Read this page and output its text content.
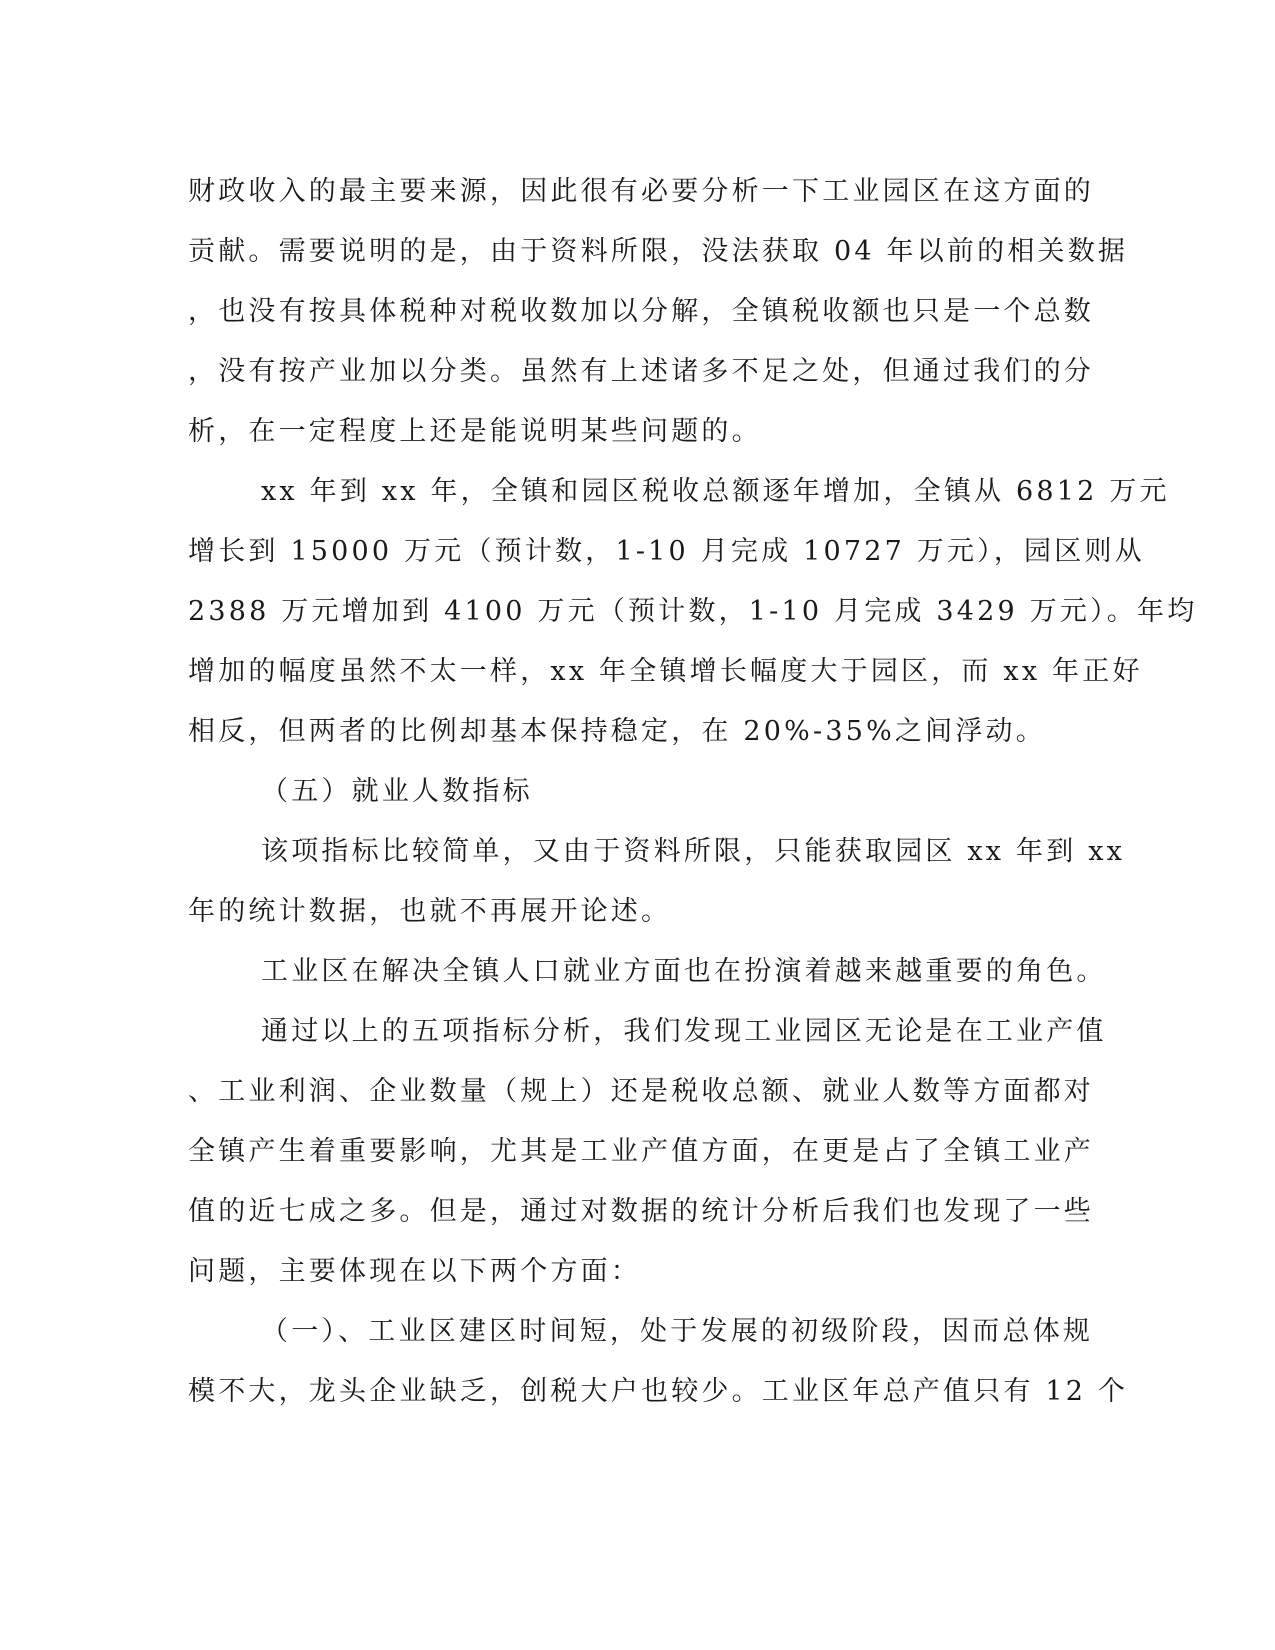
财政收入的最主要来源，因此很有必要分析一下工业园区在这方面的
贡献。需要说明的是，由于资料所限，没法获取 04 年以前的相关数据
，也没有按具体税种对税收数加以分解，全镇税收额也只是一个总数
，没有按产业加以分类。虽然有上述诸多不足之处，但通过我们的分
析，在一定程度上还是能说明某些问题的。
xx 年到 xx 年，全镇和园区税收总额逐年增加，全镇从 6812 万元
增长到 15000 万元（预计数，1-10 月完成 10727 万元），园区则从
2388 万元增加到 4100 万元（预计数，1-10 月完成 3429 万元）。年均
增加的幅度虽然不太一样，xx 年全镇增长幅度大于园区，而 xx 年正好
相反，但两者的比例却基本保持稳定，在 20%-35%之间浮动。
（五）就业人数指标
该项指标比较简单，又由于资料所限，只能获取园区 xx 年到 xx
年的统计数据，也就不再展开论述。
工业区在解决全镇人口就业方面也在扮演着越来越重要的角色。
通过以上的五项指标分析，我们发现工业园区无论是在工业产值
、工业利润、企业数量（规上）还是税收总额、就业人数等方面都对
全镇产生着重要影响，尤其是工业产值方面，在更是占了全镇工业产
值的近七成之多。但是，通过对数据的统计分析后我们也发现了一些
问题，主要体现在以下两个方面：
（一）、工业区建区时间短，处于发展的初级阶段，因而总体规
模不大，龙头企业缺乏，创税大户也较少。工业区年总产值只有 12 个
